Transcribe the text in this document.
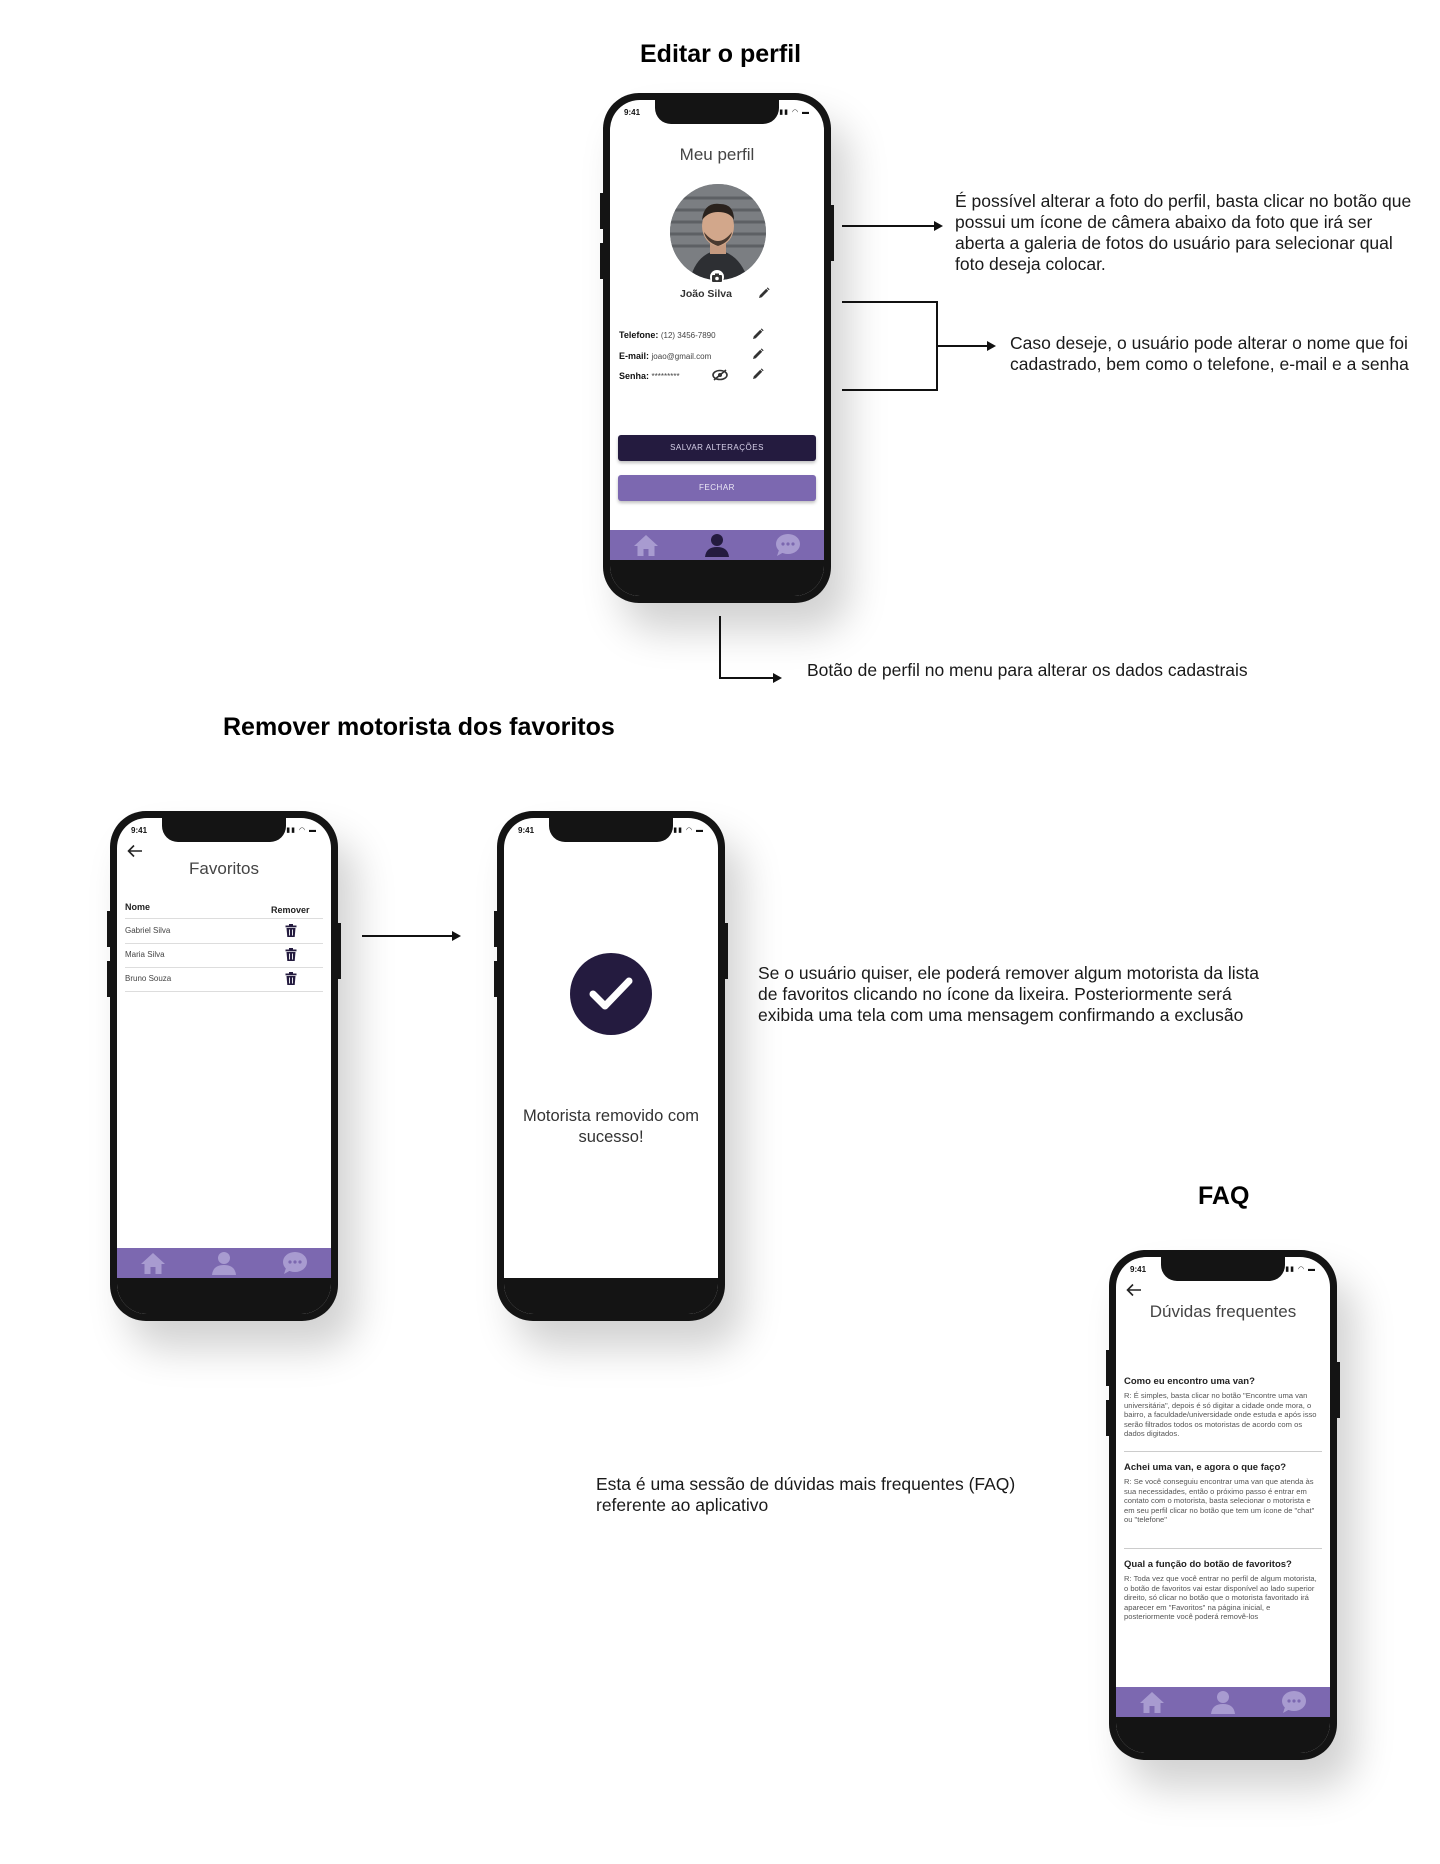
Editar o perfil
Remover motorista dos favoritos
FAQ
9:41	▮▮ ◠ ▬
Meu perfil
João Silva
Telefone: (12) 3456-7890
E-mail: joao@gmail.com
Senha: *********
SALVAR ALTERAÇÕES
FECHAR
É possível alterar a foto do perfil, basta clicar no botão que possui um ícone de câmera abaixo da foto que irá ser aberta a galeria de fotos do usuário para selecionar qual foto deseja colocar.
Caso deseje, o usuário pode alterar o nome que foi cadastrado, bem como o telefone, e-mail e a senha
Botão de perfil no menu para alterar os dados cadastrais
9:41	▮▮ ◠ ▬
Favoritos
Nome	Remover
Gabriel Silva
Maria Silva
Bruno Souza
9:41	▮▮ ◠ ▬
Motorista removido com sucesso!
Se o usuário quiser, ele poderá remover algum motorista da lista de favoritos clicando no ícone da lixeira. Posteriormente será exibida uma tela com uma mensagem confirmando a exclusão
9:41	▮▮ ◠ ▬
Dúvidas frequentes
Como eu encontro uma van?
R: É simples, basta clicar no botão "Encontre uma van universitária", depois é só digitar a cidade onde mora, o bairro, a faculdade/universidade onde estuda e após isso serão filtrados todos os motoristas de acordo com os dados digitados.
Achei uma van, e agora o que faço?
R: Se você conseguiu encontrar uma van que atenda às sua necessidades, então o próximo passo é entrar em contato com o motorista, basta selecionar o motorista e em seu perfil clicar no botão que tem um ícone de "chat" ou "telefone"
Qual a função do botão de favoritos?
R: Toda vez que você entrar no perfil de algum motorista, o botão de favoritos vai estar disponível ao lado superior direito, só clicar no botão que o motorista favoritado irá aparecer em "Favoritos" na página inicial, e posteriormente você poderá removê-los
Esta é uma sessão de dúvidas mais frequentes (FAQ) referente ao aplicativo
